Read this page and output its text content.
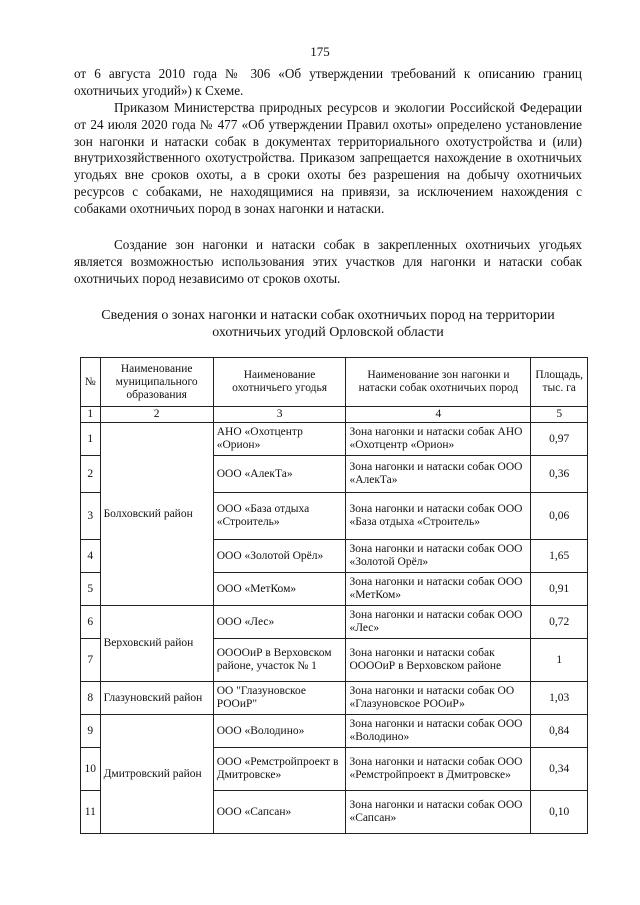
175

от 6 августа 2010 года № 306 «Об утверждении требований к описанию границ охотничьих угодий») к Схеме.

Приказом Министерства природных ресурсов и экологии Российской Федерации от 24 июля 2020 года № 477 «Об утверждении Правил охоты» определено установление зон нагонки и натаски собак в документах территориального охотустройства и (или) внутрихозяйственного охотустройства. Приказом запрещается нахождение в охотничьих угодьях вне сроков охоты, а в сроки охоты без разрешения на добычу охотничьих ресурсов с собаками, не находящимися на привязи, за исключением нахождения с собаками охотничьих пород в зонах нагонки и натаски.

Создание зон нагонки и натаски собак в закрепленных охотничьих угодьях является возможностью использования этих участков для нагонки и натаски собак охотничьих пород независимо от сроков охоты.

Сведения о зонах нагонки и натаски собак охотничьих пород на территории охотничьих угодий Орловской области
№	Наименование муниципального образования	Наименование охотничьего угодья	Наименование зон нагонки и натаски собак охотничьих пород	Площадь, тыс. га
1	2	3	4	5
1	Болховский район	АНО «Охотцентр «Орион»	Зона нагонки и натаски собак АНО «Охотцентр «Орион»	0,97
2		ООО «АлекТа»	Зона нагонки и натаски собак ООО «АлекТа»	0,36
3		ООО «База отдыха «Строитель»	Зона нагонки и натаски собак ООО «База отдыха «Строитель»	0,06
4		ООО «Золотой Орёл»	Зона нагонки и натаски собак ООО «Золотой Орёл»	1,65
5		ООО «МетКом»	Зона нагонки и натаски собак ООО «МетКом»	0,91
6	Верховский район	ООО «Лес»	Зона нагонки и натаски собак ООО «Лес»	0,72
7		ООООиР в Верховском районе, участок № 1	Зона нагонки и натаски собак ООООиР в Верховском районе	1
8	Глазуновский район	ОО "Глазуновское РООиР"	Зона нагонки и натаски собак ОО «Глазуновское РООиР»	1,03
9	Дмитровский район	ООО «Володино»	Зона нагонки и натаски собак ООО «Володино»	0,84
10		ООО «Ремстройпроект в Дмитровске»	Зона нагонки и натаски собак ООО «Ремстройпроект в Дмитровске»	0,34
11		ООО «Сапсан»	Зона нагонки и натаски собак ООО «Сапсан»	0,10
